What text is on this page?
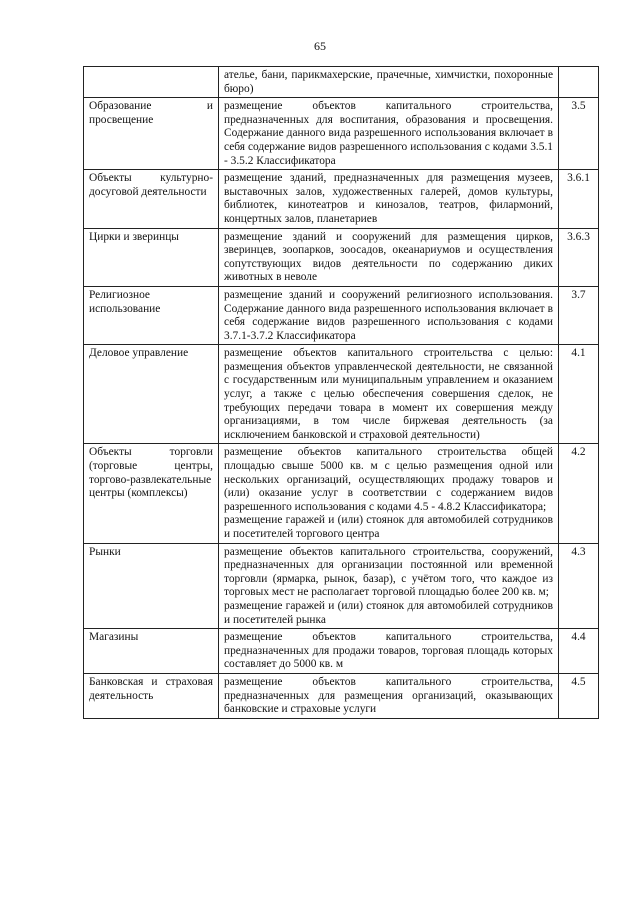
65

	ателье, бани, парикмахерские, прачечные, химчистки, похоронные бюро)	

Образование и просвещение	размещение объектов капитального строительства, предназначенных для воспитания, образования и просвещения. Содержание данного вида разрешенного использования включает в себя содержание видов разрешенного использования с кодами 3.5.1 - 3.5.2 Классификатора	3.5
Объекты культурно-досуговой деятельности	размещение зданий, предназначенных для размещения музеев, выставочных залов, художественных галерей, домов культуры, библиотек, кинотеатров и кинозалов, театров, филармоний, концертных залов, планетариев	3.6.1
Цирки и зверинцы	размещение зданий и сооружений для размещения цирков, зверинцев, зоопарков, зоосадов, океанариумов и осуществления сопутствующих видов деятельности по содержанию диких животных в неволе	3.6.3
Религиозное использование	размещение зданий и сооружений религиозного использования. Содержание данного вида разрешенного использования включает в себя содержание видов разрешенного использования с кодами 3.7.1-3.7.2 Классификатора	3.7
Деловое управление	размещение объектов капитального строительства с целью: размещения объектов управленческой деятельности, не связанной с государственным или муниципальным управлением и оказанием услуг, а также с целью обеспечения совершения сделок, не требующих передачи товара в момент их совершения между организациями, в том числе биржевая деятельность (за исключением банковской и страховой деятельности)	4.1
Объекты торговли (торговые центры, торгово-развлекательные центры (комплексы)	размещение объектов капитального строительства общей площадью свыше 5000 кв. м с целью размещения одной или нескольких организаций, осуществляющих продажу товаров и (или) оказание услуг в соответствии с содержанием видов разрешенного использования с кодами 4.5 - 4.8.2 Классификатора;
размещение гаражей и (или) стоянок для автомобилей сотрудников и посетителей торгового центра	4.2
Рынки	размещение объектов капитального строительства, сооружений, предназначенных для организации постоянной или временной торговли (ярмарка, рынок, базар), с учётом того, что каждое из торговых мест не располагает торговой площадью более 200 кв. м;
размещение гаражей и (или) стоянок для автомобилей сотрудников и посетителей рынка	4.3
Магазины	размещение объектов капитального строительства, предназначенных для продажи товаров, торговая площадь которых составляет до 5000 кв. м	4.4
Банковская и страховая деятельность	размещение объектов капитального строительства, предназначенных для размещения организаций, оказывающих банковские и страховые услуги	4.5
